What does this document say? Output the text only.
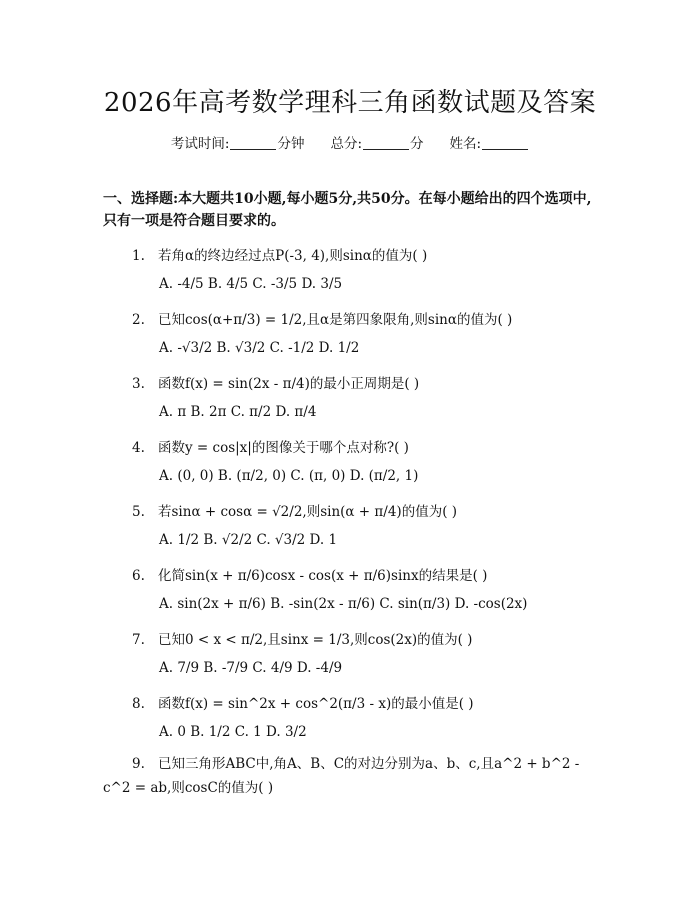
2026年高考数学理科三角函数试题及答案
考试时间:	分钟 总分:	分 姓名:
一、选择题:本大题共10小题,每小题5分,共50分。在每小题给出的四个选项中,只有一项是符合题目要求的。
1. 若角α的终边经过点P(-3, 4),则sinα的值为( )
A. -4/5 B. 4/5 C. -3/5 D. 3/5
2. 已知cos(α+π/3) = 1/2,且α是第四象限角,则sinα的值为( )
A. -√3/2 B. √3/2 C. -1/2 D. 1/2
3. 函数f(x) = sin(2x - π/4)的最小正周期是( )
A. π B. 2π C. π/2 D. π/4
4. 函数y = cos|x|的图像关于哪个点对称?( )
A. (0, 0) B. (π/2, 0) C. (π, 0) D. (π/2, 1)
5. 若sinα + cosα = √2/2,则sin(α + π/4)的值为( )
A. 1/2 B. √2/2 C. √3/2 D. 1
6. 化简sin(x + π/6)cosx - cos(x + π/6)sinx的结果是( )
A. sin(2x + π/6) B. -sin(2x - π/6) C. sin(π/3) D. -cos(2x)
7. 已知0 < x < π/2,且sinx = 1/3,则cos(2x)的值为( )
A. 7/9 B. -7/9 C. 4/9 D. -4/9
8. 函数f(x) = sin^2x + cos^2(π/3 - x)的最小值是( )
A. 0 B. 1/2 C. 1 D. 3/2
9. 已知三角形ABC中,角A、B、C的对边分别为a、b、c,且a^2 + b^2 - c^2 = ab,则cosC的值为( )
